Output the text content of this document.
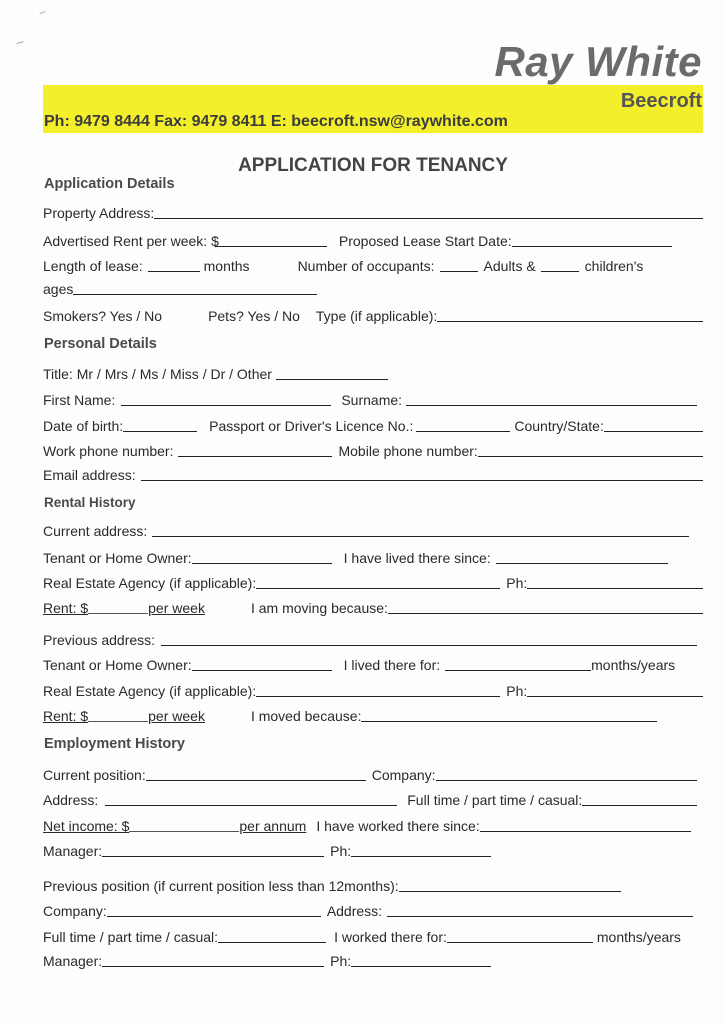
Ray White
Beecroft
Ph: 9479 8444 Fax: 9479 8411 E: beecroft.nsw@raywhite.com
APPLICATION FOR TENANCY
Application Details
Property Address:
Advertised Rent per week: $	Proposed Lease Start Date:
Length of lease:	months	Number of occupants:	Adults &	children's
ages
Smokers? Yes / No	Pets? Yes / No Type (if applicable):
Personal Details
Title: Mr / Mrs / Ms / Miss / Dr / Other
First Name:	Surname:
Date of birth:	Passport or Driver's Licence No.:	Country/State:
Work phone number:	Mobile phone number:
Email address:
Rental History
Current address:
Tenant or Home Owner:	I have lived there since:
Real Estate Agency (if applicable):	Ph:
Rent: $	per week	I am moving because:
Previous address:
Tenant or Home Owner:	I lived there for:	months/years
Real Estate Agency (if applicable):	Ph:
Rent: $	per week	I moved because:
Employment History
Current position:	Company:
Address:	Full time / part time / casual:
Net income: $	per annum I have worked there since:
Manager:	Ph:
Previous position (if current position less than 12months):
Company:	Address:
Full time / part time / casual:	I worked there for:	months/years
Manager:	Ph:
